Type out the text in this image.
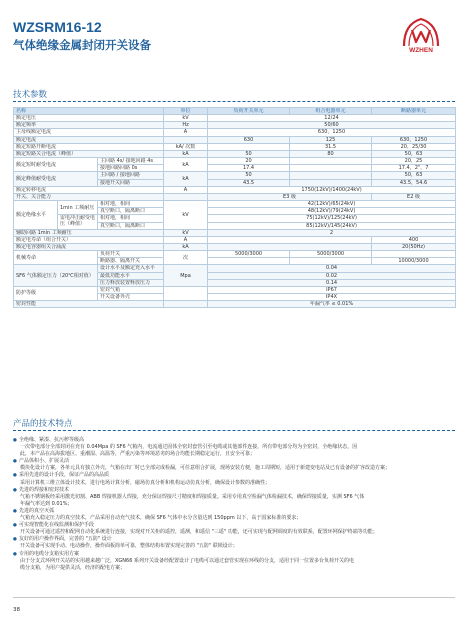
WZSRM16-12
气体绝缘金属封闭开关设备	WZHEN
技术参数
名称			单位	负荷开关单元	组合电器单元	断路器单元
额定电压			kV	12/24		
额定频率			Hz	50/60		
主母线额定电流			A	630，1250		
额定电流				630	125	630，1250
额定短路开断电流			kA/ 次数		31.5	20，25/30
额定短路关合电流（峰值）			kA	50	80	50，63
额定短时耐受电流		主回路 4s/ 接地回路 4s	kA	20		20，25
		接地回路回路 0s		17.4		17.4，2"，7
额定峰值耐受电流		主回路 / 接地回路	kA	50		50，63
		接地开关回路		43.5		43.5，54.6
额定转移电流			A	1750(12kV)/1400(24kV)		
开关、关合能力				E3 级		E2 级
额定绝缘水平	1min 工频耐压	相对地，相间	kV	42(12kV)/65(24kV)		
		真空断口，隔离断口		48(12kV)/79(24kV)		
	雷电冲击耐受电压（峰值）	相对地，相间		75(12kV)/125(24kV)		
		真空断口，隔离断口		85(12kV)/145(24kV)		
辅助回路 1min 工频耐压			kV	2		
额定电寿命（组合开关）			A			400
额定电容器组关合涌流			kA			20(50Hz)
机械寿命		负荷开关	次	5000/3000	5000/3000	
		断路器、隔离开关				10000/3000
SF6 气体额定压力（20℃相对值）		设计水平及额定充入水平	Mpa	0.04		
		最低功能水平		0.02		
		压力释放装置释放压力		0.14		
防护等级		密封气箱		IP67		
		开关设备外壳		IP4X		
密封性能				年漏气率 ≤ 0.01%		
产品的技术特点

● 全绝缘、紧凑、抗污秽等级高

一次带电部分全部封闭在充有 0.04Mpa 的 SF6 气箱内，电流通过固体全密封套管引至电缆或其他部件连接，所有带电部分均为全密封，全绝缘状态，因

此，本产品在高海拔地区、重潮湿、高温等，严重污染等环境恶劣的场合均能长期稳定运行，且安全可靠；

● 产品体积小、扩展灵活

模块化设计方案，各单元具有独立外壳，气箱在出厂时已全部完成检漏，可任意组合扩展，现场安装方便，施工周期短，适用于新建变电站及已有设备的扩容改造方案；

● 采用先进的设计手段，保证产品的高品质

采用计算机三维立体设计技术，进行电场计算分析，磁场仿真分析和机构运动仿真分析，确保设计参数的准确性；

● 先进的焊接和密封技术

气箱不锈钢板经采用激光切割、ABB 焊接机器人焊接，充分保证焊接尺寸精度和焊接质量。采用专用真空检漏气体检漏技术，确保焊接质量，实测 SF6 气体

年漏气率达到 0.01%；

● 先进的真空灭弧

气箱充入稳定压力的真空技术，产品采用自动充气技术，确保 SF6 气体中水分含量达到 150ppm 以下，高于国家标准的要求；

● 可实现智能化在线监测和保护手段

开关设备可通过遥控和配网自动化系统进行连接，实现对开关柜的遥控，遥测，和遥信 "三遥" 功能，还可实现与配网调度的有效联系，配置环网保护终端等功能；

● 友好的用户操作界面，完善的 "五防" 设计

开关设备可实现手动、电动操作，操作面板简单可靠，整体结构布置实现完善的 "五防" 联锁设计；

● 专用的电缆分支箱实用方案

由于分支式环网开关站的实用越来越广泛，XGN66 系列开关设备经配置设计了电缆可以通过套管实现在环线的分支，适用于同一位置多台负荷开关的电

缆分支箱，为用户提供灵活，经济的配电方案；

38
